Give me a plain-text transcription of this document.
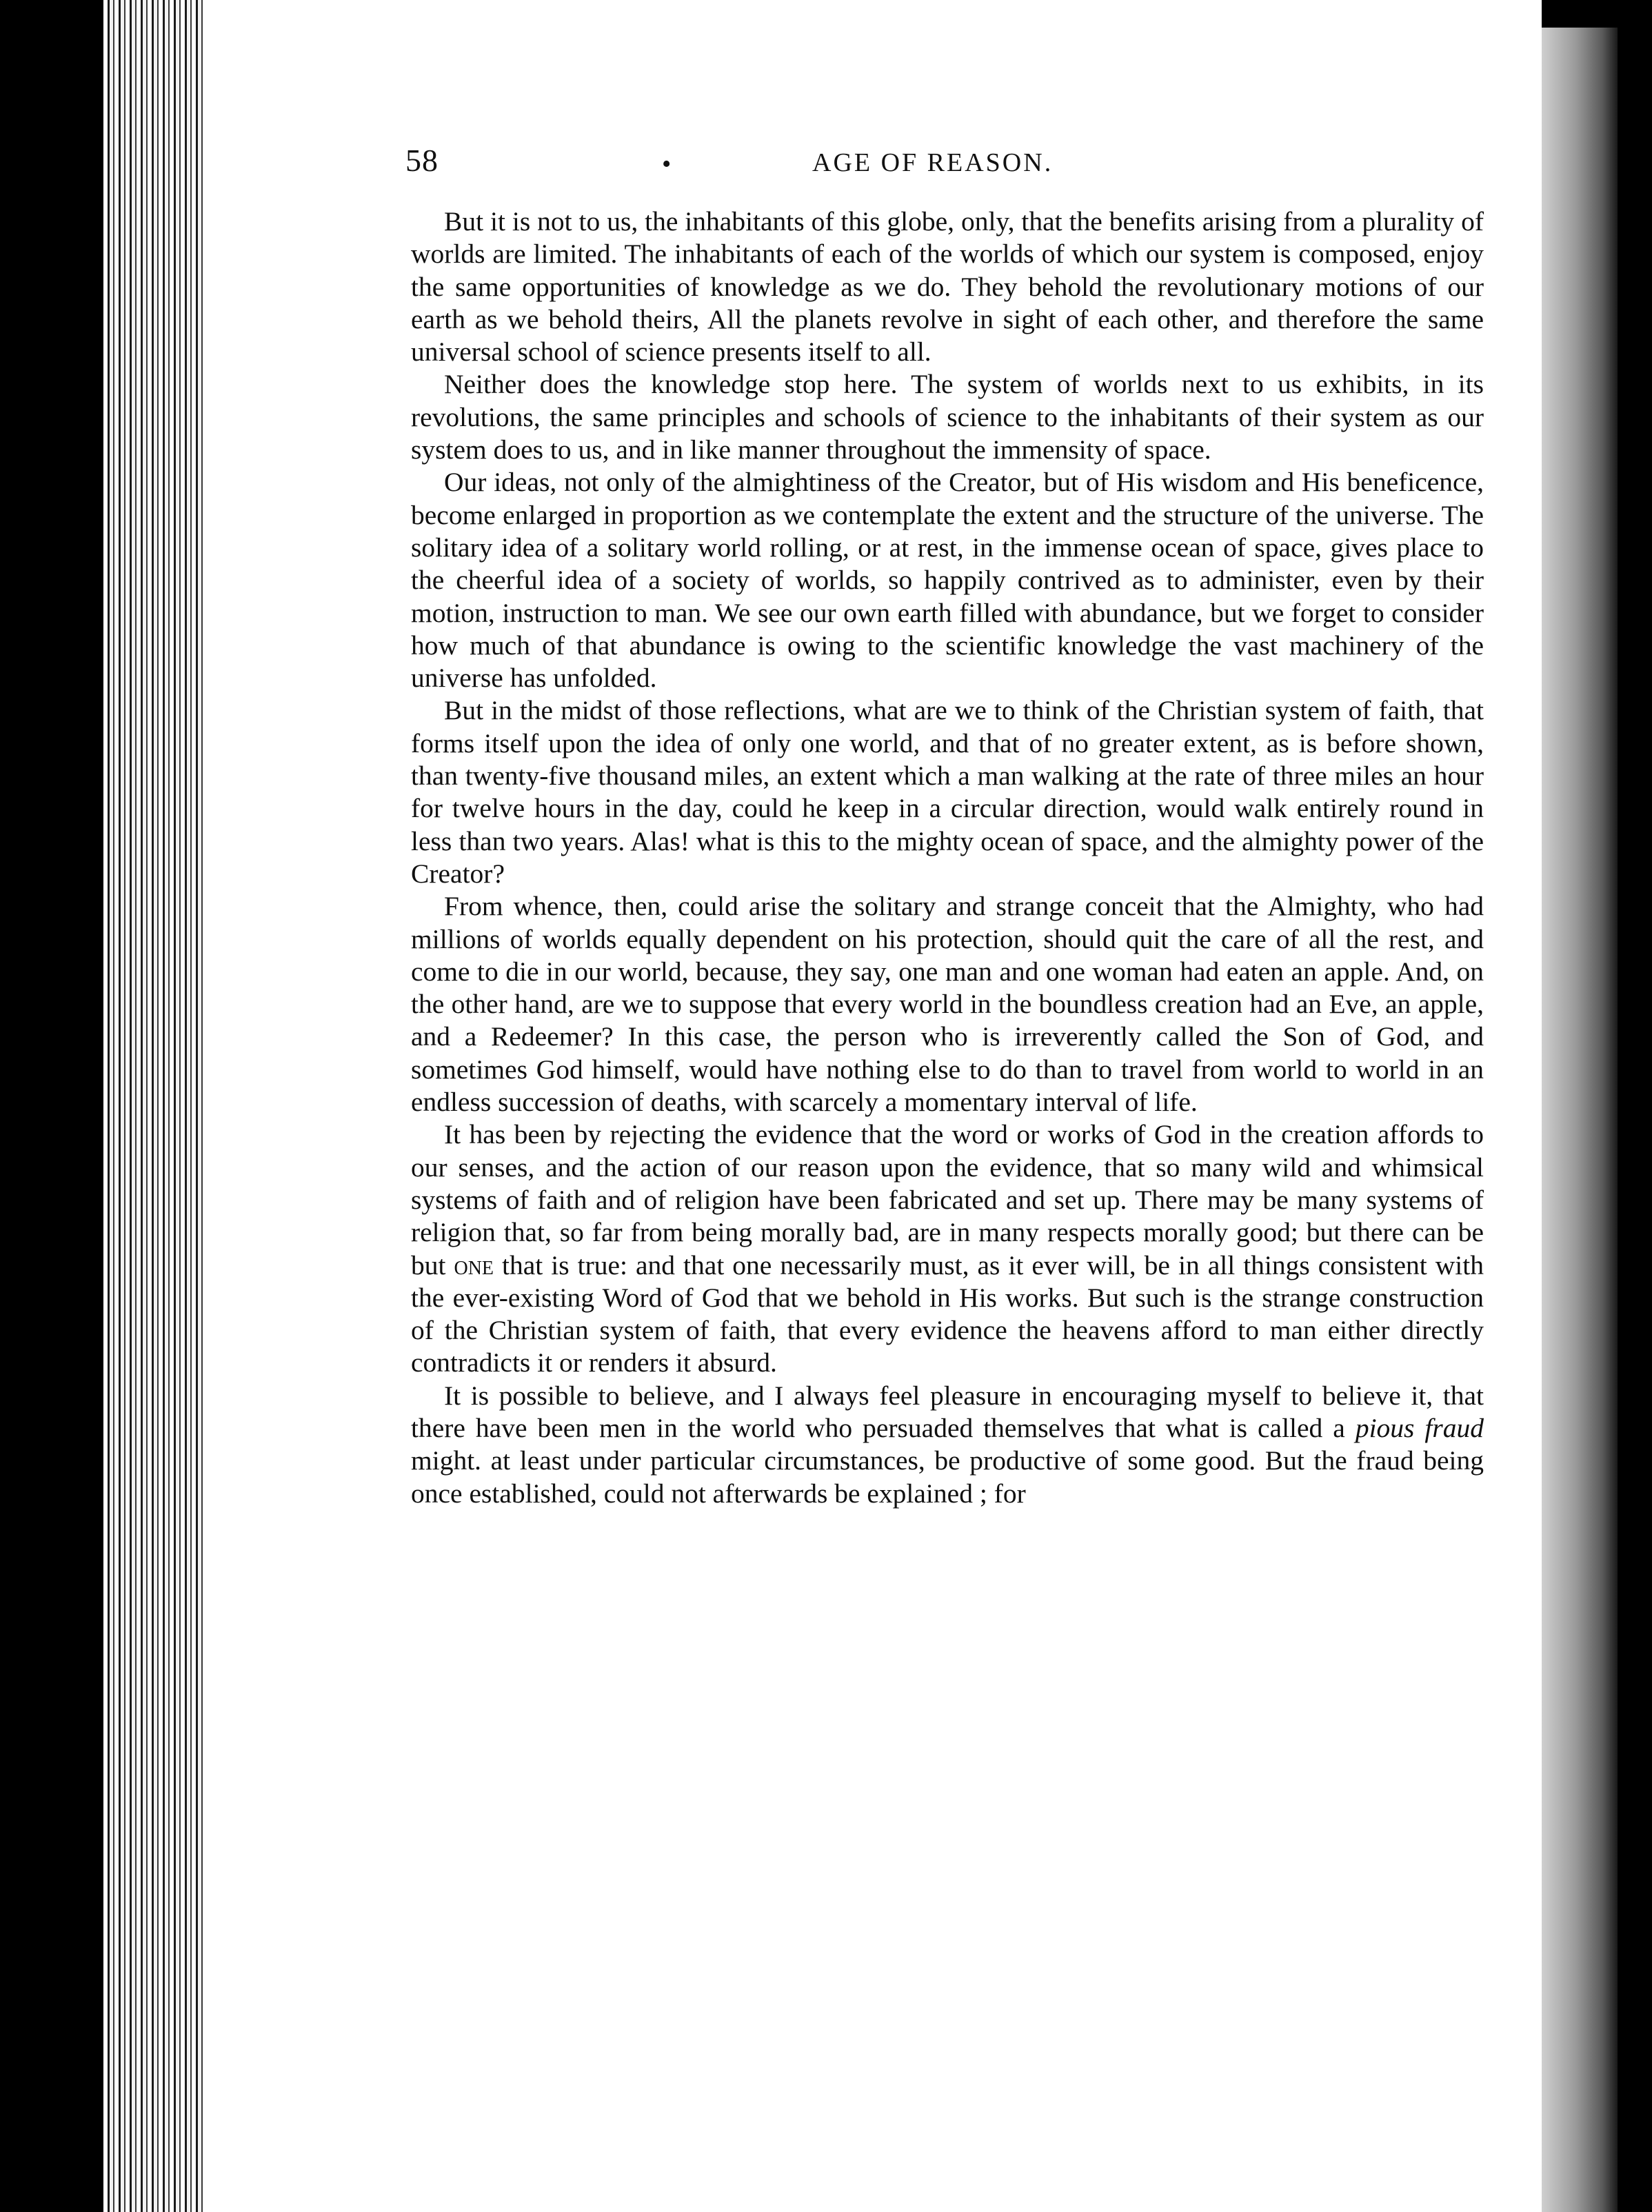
58	•	AGE OF REASON.

But it is not to us, the inhabitants of this globe, only, that the benefits arising from a plurality of worlds are limited. The inhabitants of each of the worlds of which our system is composed, enjoy the same opportunities of knowledge as we do. They behold the revolutionary motions of our earth as we behold theirs, All the planets revolve in sight of each other, and therefore the same universal school of science presents itself to all.

Neither does the knowledge stop here. The system of worlds next to us exhibits, in its revolutions, the same principles and schools of science to the inhabitants of their system as our system does to us, and in like manner throughout the immensity of space.

Our ideas, not only of the almightiness of the Creator, but of His wisdom and His beneficence, become enlarged in proportion as we contemplate the extent and the structure of the universe. The solitary idea of a solitary world rolling, or at rest, in the immense ocean of space, gives place to the cheerful idea of a society of worlds, so happily contrived as to administer, even by their motion, instruction to man. We see our own earth filled with abundance, but we forget to consider how much of that abundance is owing to the scientific knowledge the vast machinery of the universe has unfolded.

But in the midst of those reflections, what are we to think of the Christian system of faith, that forms itself upon the idea of only one world, and that of no greater extent, as is before shown, than twenty-five thousand miles, an extent which a man walking at the rate of three miles an hour for twelve hours in the day, could he keep in a circular direction, would walk entirely round in less than two years. Alas! what is this to the mighty ocean of space, and the almighty power of the Creator?

From whence, then, could arise the solitary and strange conceit that the Almighty, who had millions of worlds equally dependent on his protection, should quit the care of all the rest, and come to die in our world, because, they say, one man and one woman had eaten an apple. And, on the other hand, are we to suppose that every world in the boundless creation had an Eve, an apple, and a Redeemer? In this case, the person who is irreverently called the Son of God, and sometimes God himself, would have nothing else to do than to travel from world to world in an endless succession of deaths, with scarcely a momentary interval of life.

It has been by rejecting the evidence that the word or works of God in the creation affords to our senses, and the action of our reason upon the evidence, that so many wild and whimsical systems of faith and of religion have been fabricated and set up. There may be many systems of religion that, so far from being morally bad, are in many respects morally good; but there can be but one that is true: and that one necessarily must, as it ever will, be in all things consistent with the ever-existing Word of God that we behold in His works. But such is the strange construction of the Christian system of faith, that every evidence the heavens afford to man either directly contradicts it or renders it absurd.

It is possible to believe, and I always feel pleasure in encouraging myself to believe it, that there have been men in the world who persuaded themselves that what is called a pious fraud might. at least under particular circumstances, be productive of some good. But the fraud being once established, could not afterwards be explained ; for
